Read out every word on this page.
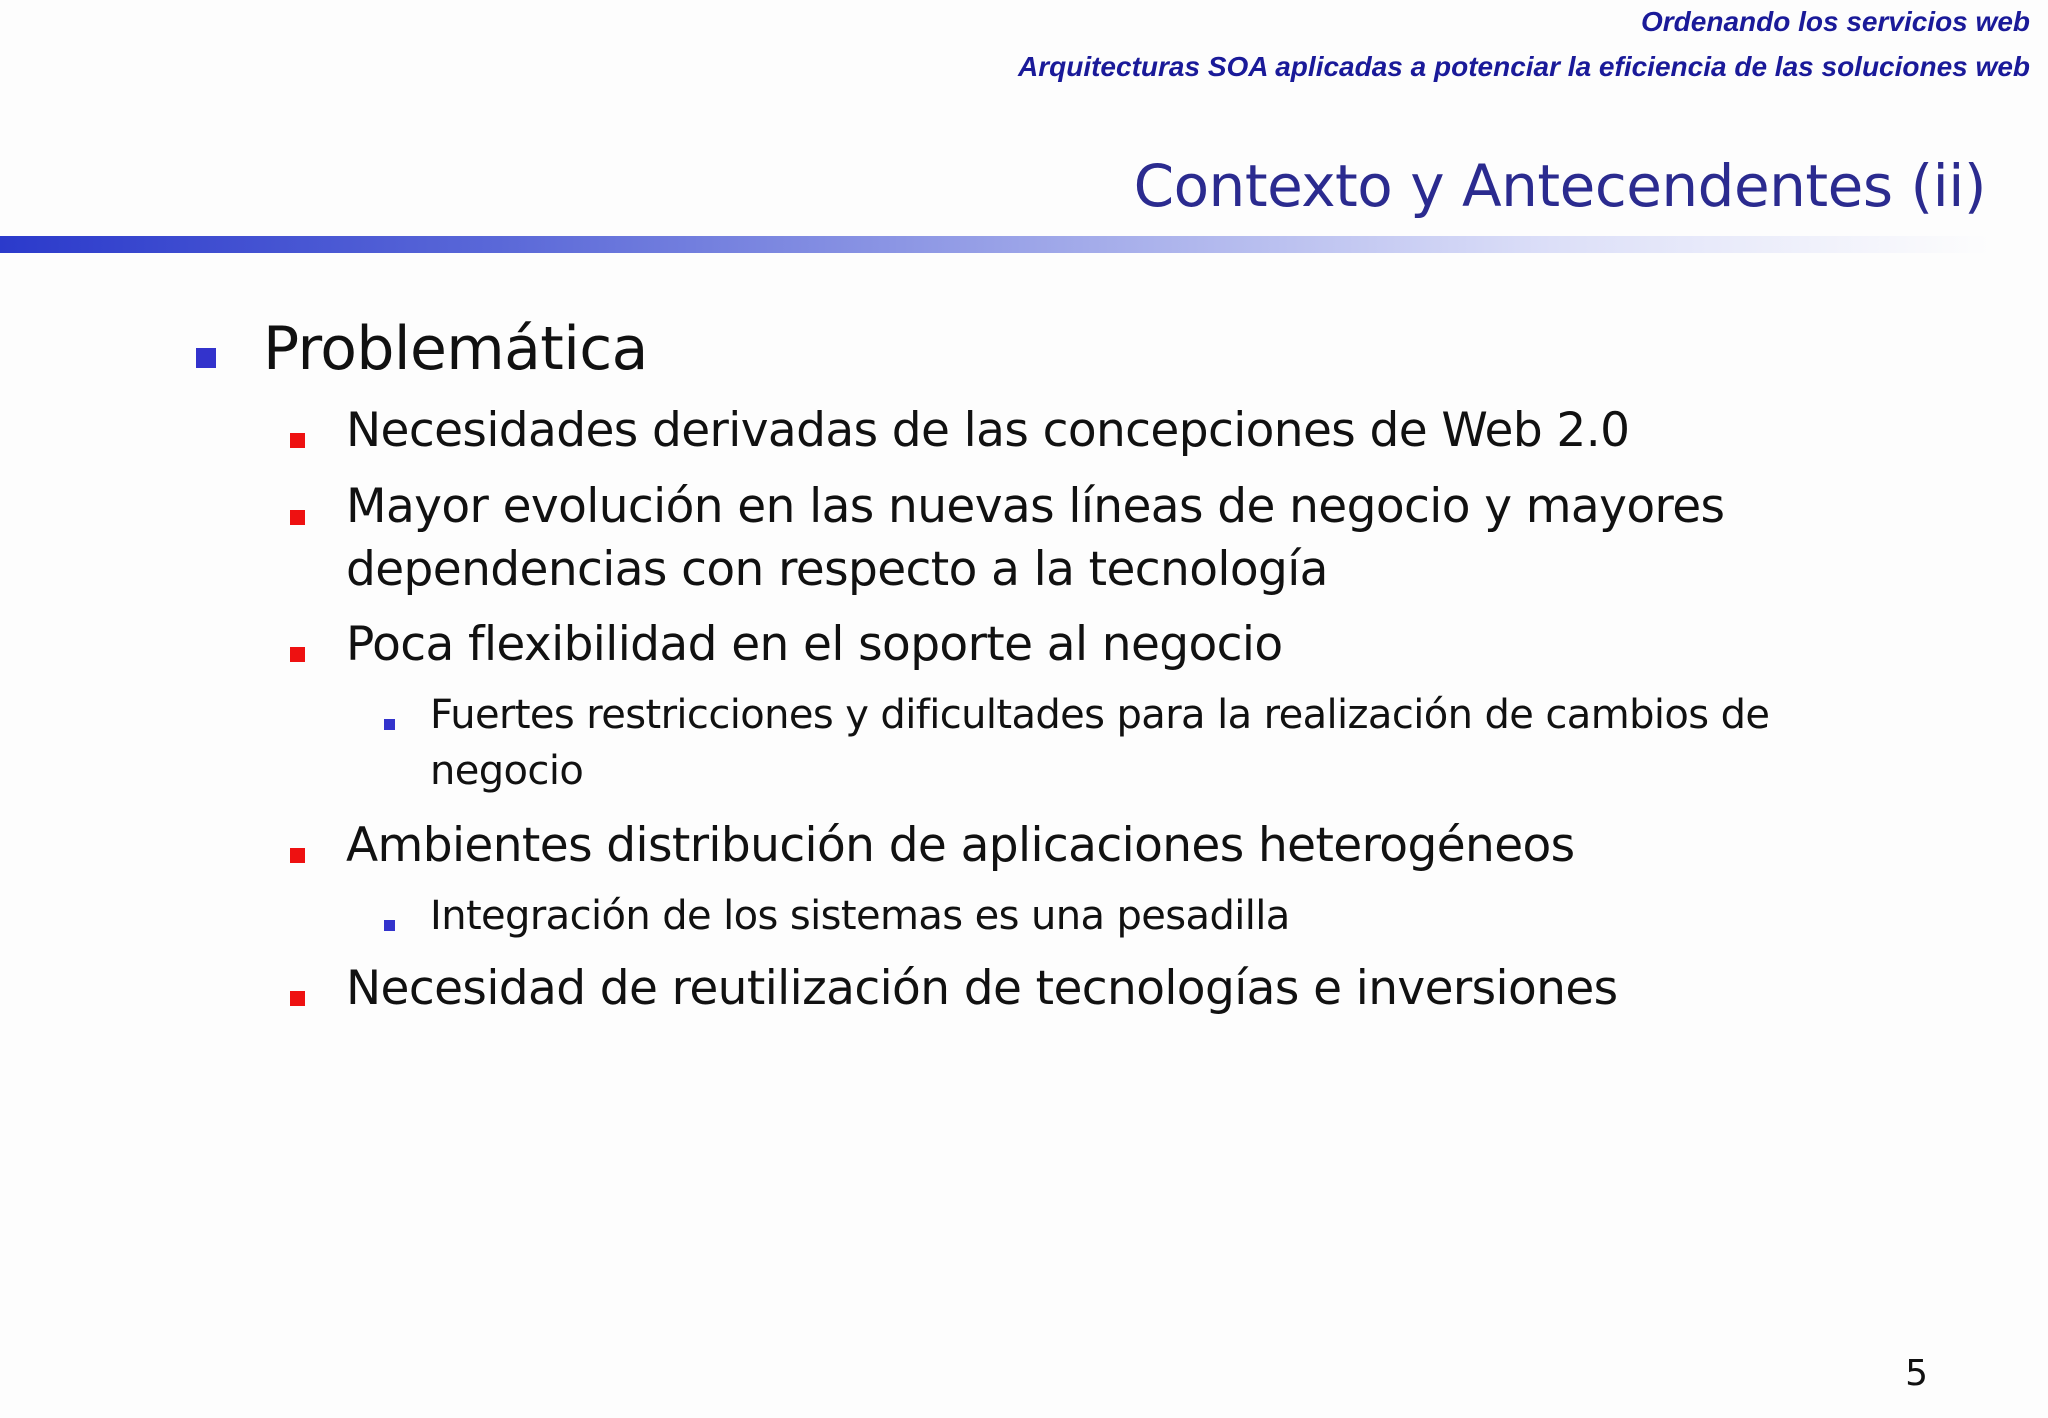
Ordenando los servicios web
Arquitecturas SOA aplicadas a potenciar la eficiencia de las soluciones web
Contexto y Antecendentes (ii)
Problemática
Necesidades derivadas de las concepciones de Web 2.0
Mayor evolución en las nuevas líneas de negocio y mayores
dependencias con respecto a la tecnología
Poca flexibilidad en el soporte al negocio
Fuertes restricciones y dificultades para la realización de cambios de
negocio
Ambientes distribución de aplicaciones heterogéneos
Integración de los sistemas es una pesadilla
Necesidad de reutilización de tecnologías e inversiones
5
